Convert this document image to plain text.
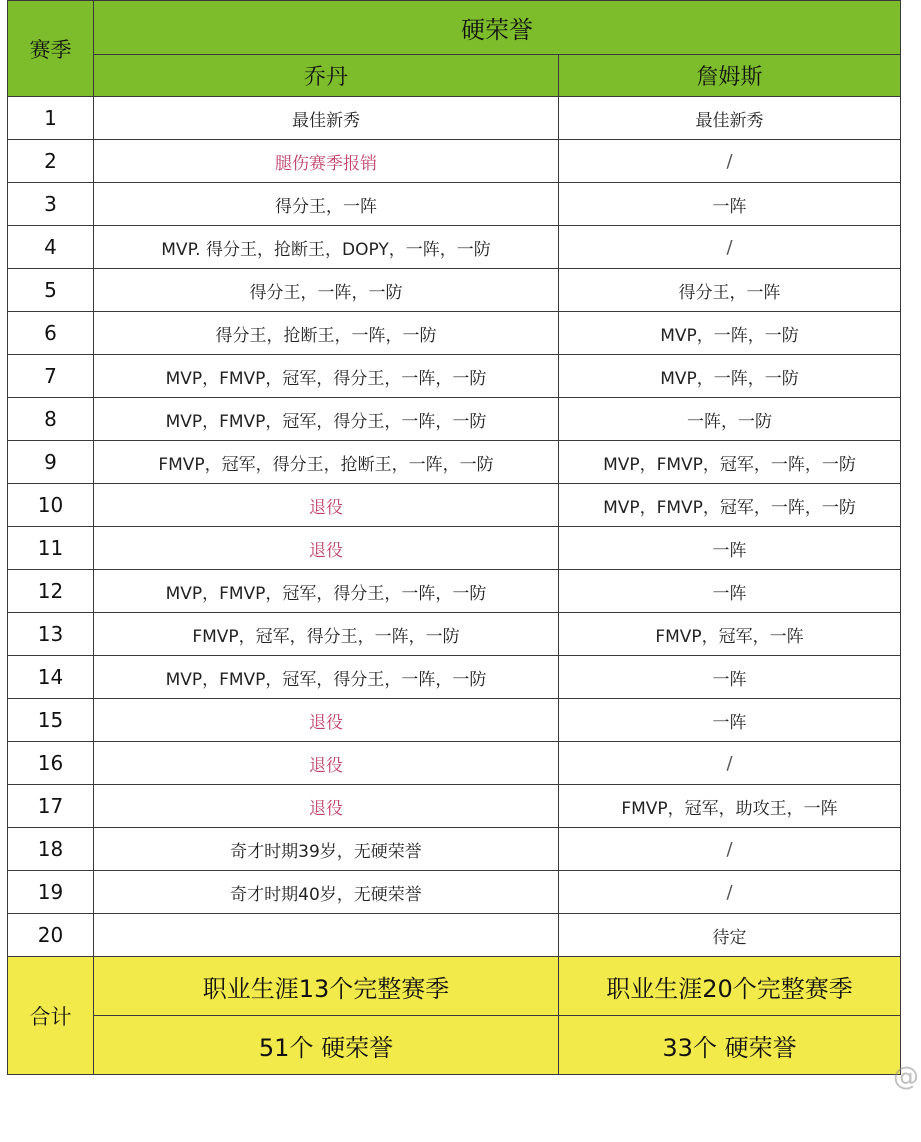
赛季	硬荣誉	
	乔丹	詹姆斯
1	最佳新秀	最佳新秀
2	腿伤赛季报销	/
3	得分王，一阵	一阵
4	MVP. 得分王，抢断王，DOPY，一阵，一防	/
5	得分王，一阵，一防	得分王，一阵
6	得分王，抢断王，一阵，一防	MVP，一阵，一防
7	MVP，FMVP，冠军，得分王，一阵，一防	MVP，一阵，一防
8	MVP，FMVP，冠军，得分王，一阵，一防	一阵，一防
9	FMVP，冠军，得分王，抢断王，一阵，一防	MVP，FMVP，冠军，一阵，一防
10	退役	MVP，FMVP，冠军，一阵，一防
11	退役	一阵
12	MVP，FMVP，冠军，得分王，一阵，一防	一阵
13	FMVP，冠军，得分王，一阵，一防	FMVP，冠军，一阵
14	MVP，FMVP，冠军，得分王，一阵，一防	一阵
15	退役	一阵
16	退役	/
17	退役	FMVP，冠军，助攻王，一阵
18	奇才时期39岁，无硬荣誉	/
19	奇才时期40岁，无硬荣誉	/
20		待定
合计	职业生涯13个完整赛季	职业生涯20个完整赛季
	51个 硬荣誉	33个 硬荣誉
@
